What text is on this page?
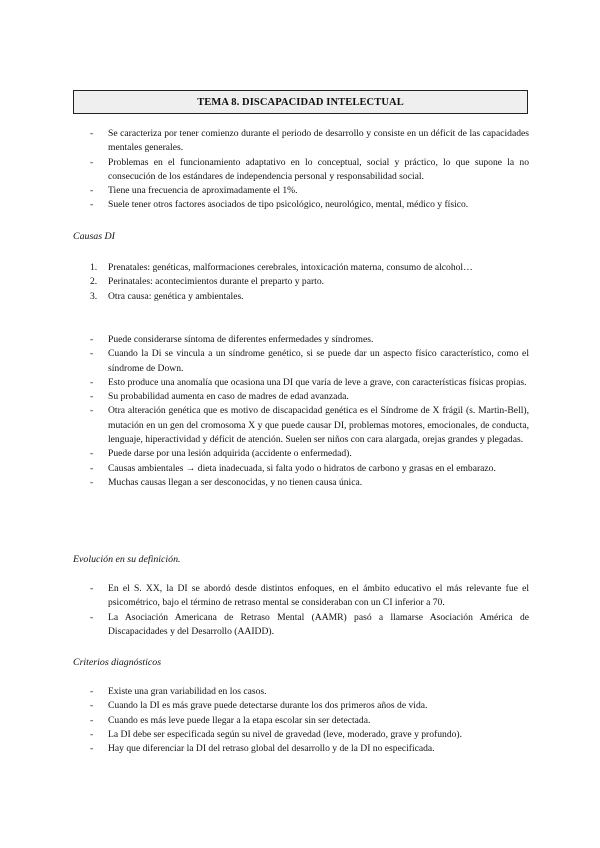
TEMA 8. DISCAPACIDAD INTELECTUAL
- Se caracteriza por tener comienzo durante el periodo de desarrollo y consiste en un déficit de las capacidades mentales generales.
- Problemas en el funcionamiento adaptativo en lo conceptual, social y práctico, lo que supone la no consecución de los estándares de independencia personal y responsabilidad social.
- Tiene una frecuencia de aproximadamente el 1%.
- Suele tener otros factores asociados de tipo psicológico, neurológico, mental, médico y físico.
Causas DI
1. Prenatales: genéticas, malformaciones cerebrales, intoxicación materna, consumo de alcohol…
2. Perinatales: acontecimientos durante el preparto y parto.
3. Otra causa: genética y ambientales.
- Puede considerarse síntoma de diferentes enfermedades y síndromes.
- Cuando la Di se vincula a un síndrome genético, si se puede dar un aspecto físico característico, como el síndrome de Down.
- Esto produce una anomalía que ocasiona una DI que varía de leve a grave, con características físicas propias.
- Su probabilidad aumenta en caso de madres de edad avanzada.
- Otra alteración genética que es motivo de discapacidad genética es el Síndrome de X frágil (s. Martin-Bell), mutación en un gen del cromosoma X y que puede causar DI, problemas motores, emocionales, de conducta, lenguaje, hiperactividad y déficit de atención. Suelen ser niños con cara alargada, orejas grandes y plegadas.
- Puede darse por una lesión adquirida (accidente o enfermedad).
- Causas ambientales → dieta inadecuada, si falta yodo o hidratos de carbono y grasas en el embarazo.
- Muchas causas llegan a ser desconocidas, y no tienen causa única.
Evolución en su definición.
- En el S. XX, la DI se abordó desde distintos enfoques, en el ámbito educativo el más relevante fue el psicométrico, bajo el término de retraso mental se consideraban con un CI inferior a 70.
- La Asociación Americana de Retraso Mental (AAMR) pasó a llamarse Asociación América de Discapacidades y del Desarrollo (AAIDD).
Criterios diagnósticos
- Existe una gran variabilidad en los casos.
- Cuando la DI es más grave puede detectarse durante los dos primeros años de vida.
- Cuando es más leve puede llegar a la etapa escolar sin ser detectada.
- La DI debe ser especificada según su nivel de gravedad (leve, moderado, grave y profundo).
- Hay que diferenciar la DI del retraso global del desarrollo y de la DI no especificada.
